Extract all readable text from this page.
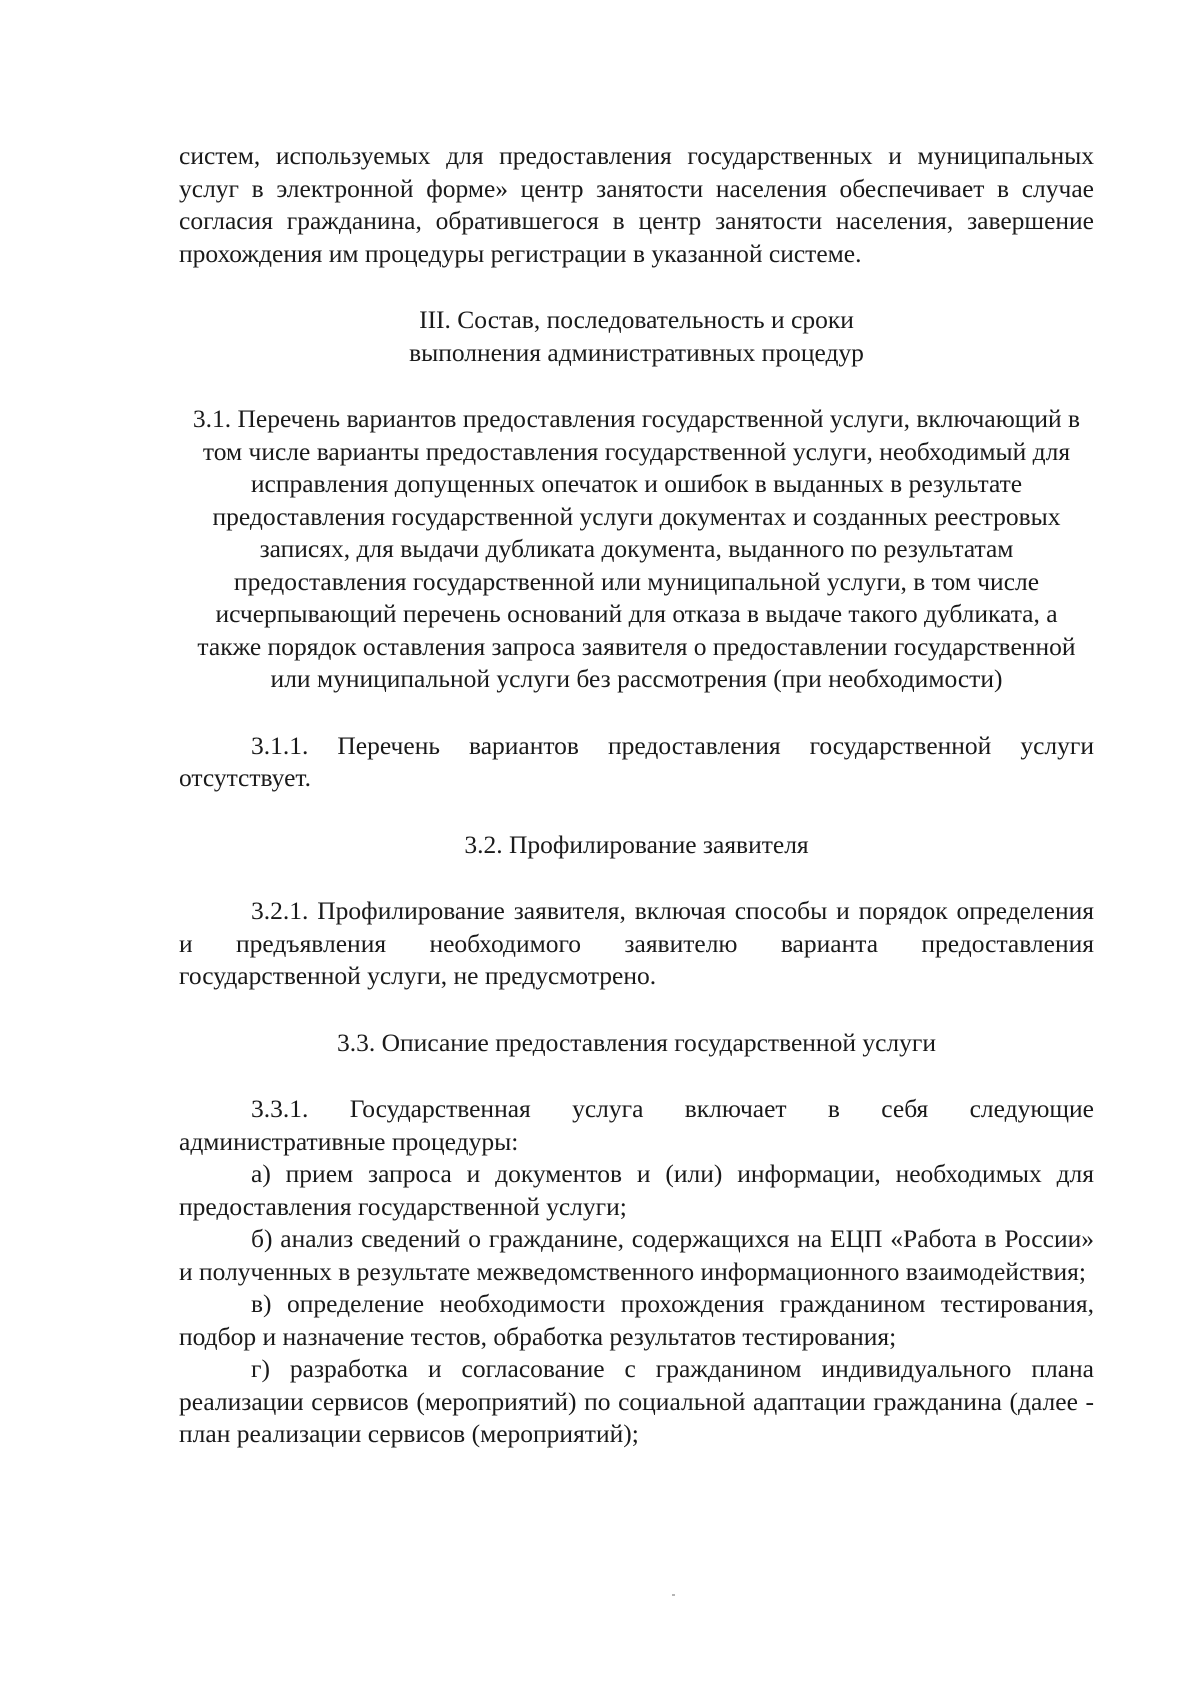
систем, используемых для предоставления государственных и муниципальных услуг в электронной форме» центр занятости населения обеспечивает в случае согласия гражданина, обратившегося в центр занятости населения, завершение прохождения им процедуры регистрации в указанной системе.

III. Состав, последовательность и сроки

выполнения административных процедур

3.1. Перечень вариантов предоставления государственной услуги, включающий в том числе варианты предоставления государственной услуги, необходимый для исправления допущенных опечаток и ошибок в выданных в результате предоставления государственной услуги документах и созданных реестровых записях, для выдачи дубликата документа, выданного по результатам предоставления государственной или муниципальной услуги, в том числе исчерпывающий перечень оснований для отказа в выдаче такого дубликата, а также порядок оставления запроса заявителя о предоставлении государственной или муниципальной услуги без рассмотрения (при необходимости)

3.1.1. Перечень вариантов предоставления государственной услуги отсутствует.

3.2. Профилирование заявителя

3.2.1. Профилирование заявителя, включая способы и порядок определения и предъявления необходимого заявителю варианта предоставления государственной услуги, не предусмотрено.

3.3. Описание предоставления государственной услуги

3.3.1. Государственная услуга включает в себя следующие административные процедуры:

а) прием запроса и документов и (или) информации, необходимых для предоставления государственной услуги;

б) анализ сведений о гражданине, содержащихся на ЕЦП «Работа в России» и полученных в результате межведомственного информационного взаимодействия;

в) определение необходимости прохождения гражданином тестирования, подбор и назначение тестов, обработка результатов тестирования;

г) разработка и согласование с гражданином индивидуального плана реализации сервисов (мероприятий) по социальной адаптации гражданина (далее - план реализации сервисов (мероприятий);
